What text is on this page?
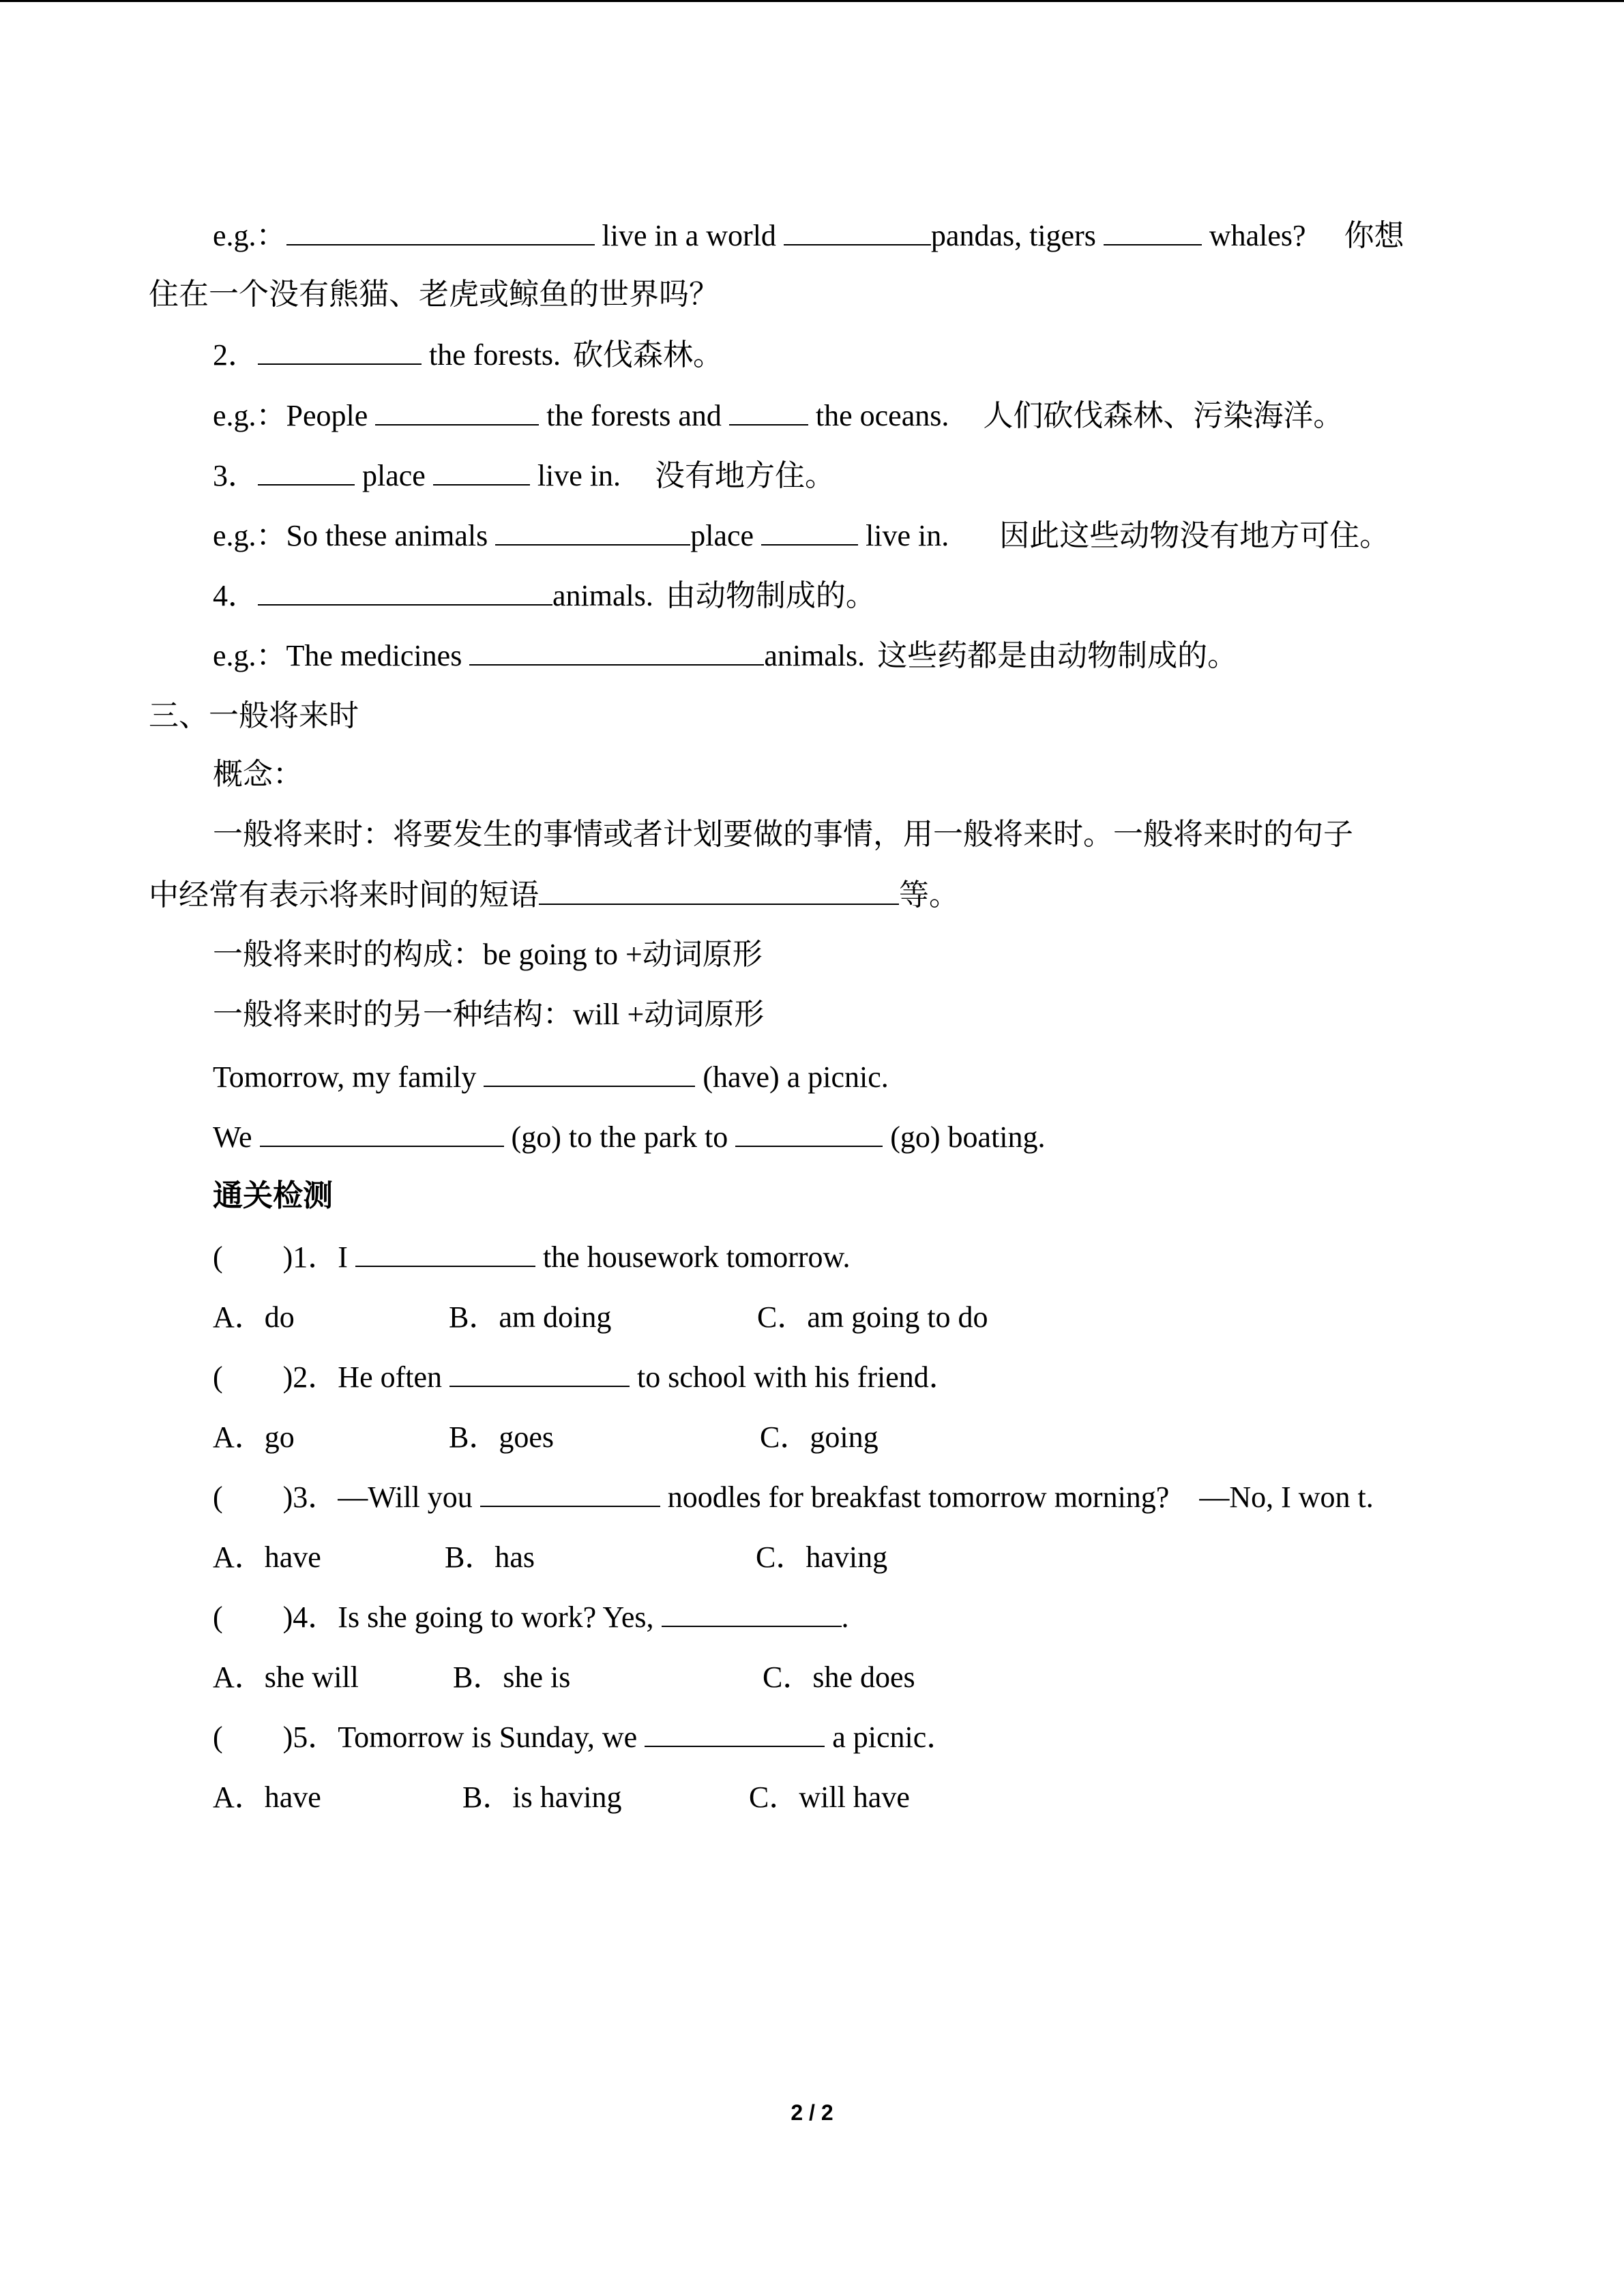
e.g.：	live in a world	pandas, tigers	whales? 你想
住在一个没有熊猫、老虎或鲸鱼的世界吗？
2．	the forests. 砍伐森林。
e.g.：People	the forests and	the oceans. 人们砍伐森林、污染海洋。
3．	place	live in. 没有地方住。
e.g.：So these animals	place	live in. 因此这些动物没有地方可住。
4．	animals. 由动物制成的。
e.g.：The medicines	animals. 这些药都是由动物制成的。
三、一般将来时
概念：
一般将来时：将要发生的事情或者计划要做的事情，用一般将来时。一般将来时的句子
中经常有表示将来时间的短语	等。
一般将来时的构成：be going to +动词原形
一般将来时的另一种结构：will +动词原形
Tomorrow, my family	(have) a picnic.
We	(go) to the park to	(go) boating.
通关检测
(        )1．I	the housework tomorrow.
A．do	B．am doing	C．am going to do
(        )2．He often	to school with his friend．
A．go	B．goes	C．going
(        )3．—Will you	noodles for breakfast tomorrow morning? —No, I won t.
A．have	B．has	C．having
(        )4．Is she going to work? Yes,	.
A．she will	B．she is	C．she does
(        )5．Tomorrow is Sunday, we	a picnic．
A．have	B．is having	C．will have
2 / 2
